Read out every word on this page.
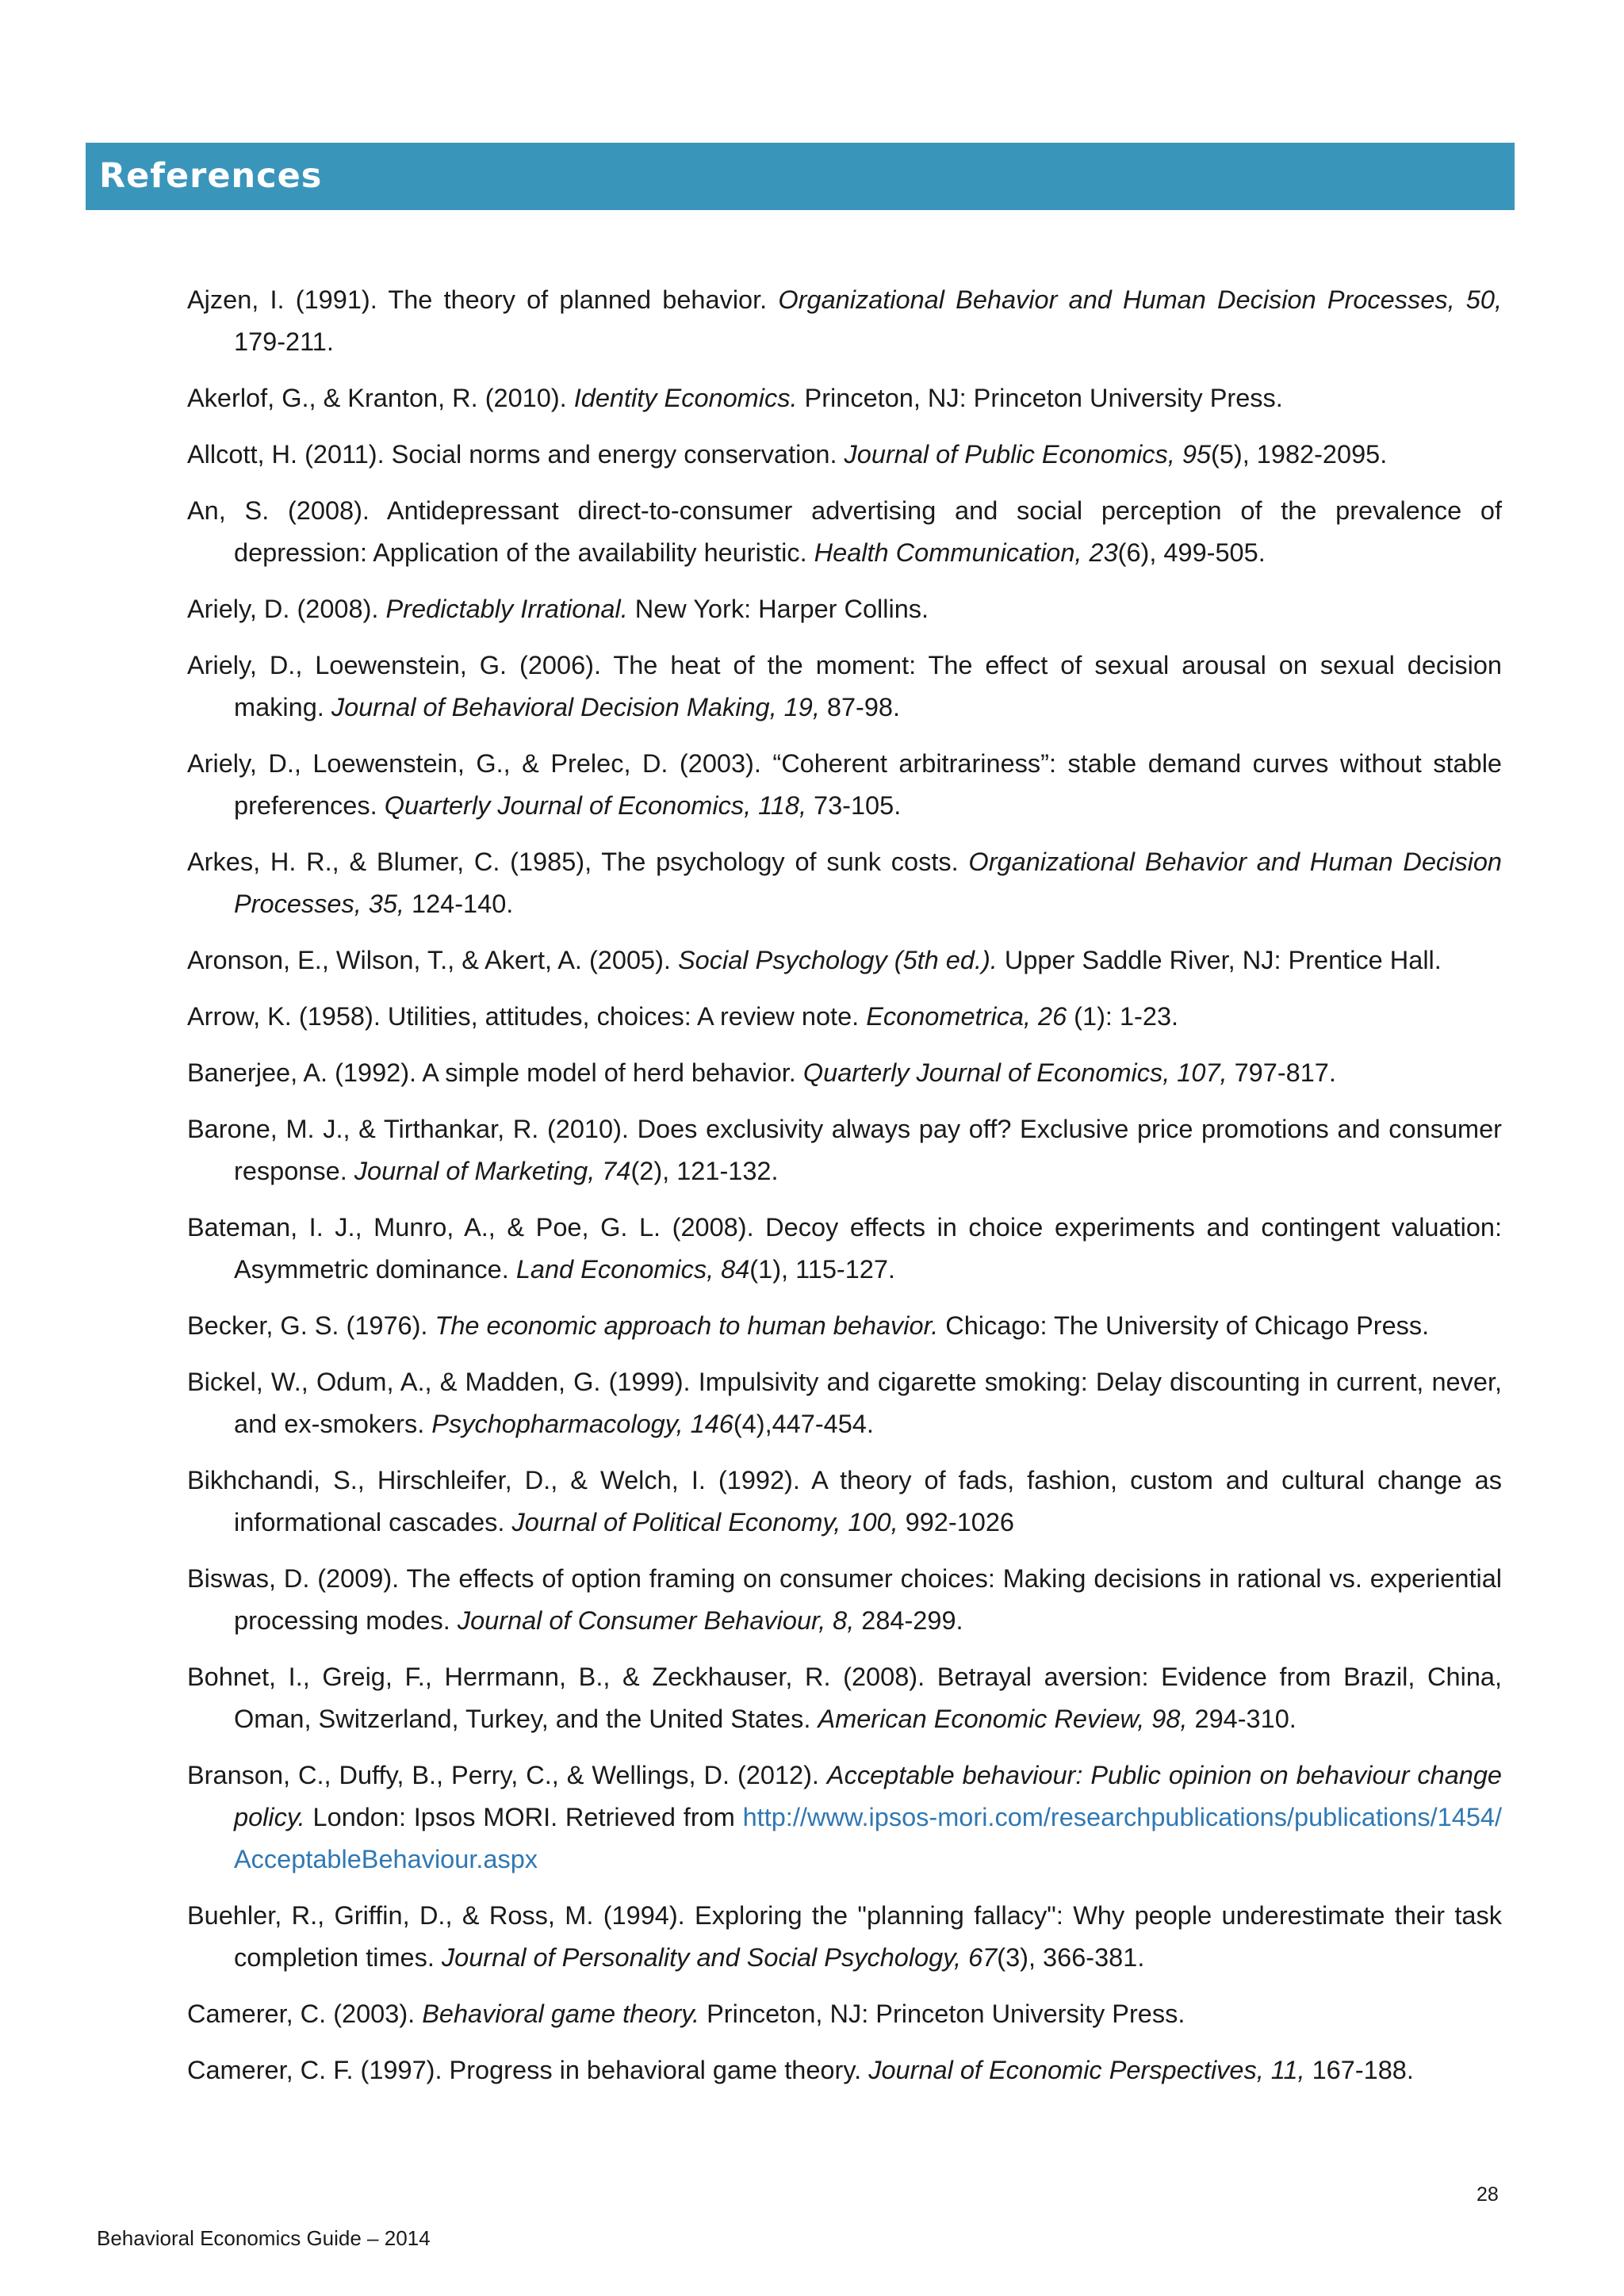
References
Ajzen, I. (1991). The theory of planned behavior. Organizational Behavior and Human Decision Processes, 50, 179-211.
Akerlof, G., & Kranton, R. (2010). Identity Economics. Princeton, NJ: Princeton University Press.
Allcott, H. (2011). Social norms and energy conservation. Journal of Public Economics, 95(5), 1982-2095.
An, S. (2008). Antidepressant direct-to-consumer advertising and social perception of the prevalence of depression: Application of the availability heuristic. Health Communication, 23(6), 499-505.
Ariely, D. (2008). Predictably Irrational. New York: Harper Collins.
Ariely, D., Loewenstein, G. (2006). The heat of the moment: The effect of sexual arousal on sexual decision making. Journal of Behavioral Decision Making, 19, 87-98.
Ariely, D., Loewenstein, G., & Prelec, D. (2003). “Coherent arbitrariness”: stable demand curves without stable preferences. Quarterly Journal of Economics, 118, 73-105.
Arkes, H. R., & Blumer, C. (1985), The psychology of sunk costs. Organizational Behavior and Human Decision Processes, 35, 124-140.
Aronson, E., Wilson, T., & Akert, A. (2005). Social Psychology (5th ed.). Upper Saddle River, NJ: Prentice Hall.
Arrow, K. (1958). Utilities, attitudes, choices: A review note. Econometrica, 26 (1): 1-23.
Banerjee, A. (1992). A simple model of herd behavior. Quarterly Journal of Economics, 107, 797-817.
Barone, M. J., & Tirthankar, R. (2010). Does exclusivity always pay off? Exclusive price promotions and consumer response. Journal of Marketing, 74(2), 121-132.
Bateman, I. J., Munro, A., & Poe, G. L. (2008). Decoy effects in choice experiments and contingent valuation: Asymmetric dominance. Land Economics, 84(1), 115-127.
Becker, G. S. (1976). The economic approach to human behavior. Chicago: The University of Chicago Press.
Bickel, W., Odum, A., & Madden, G. (1999). Impulsivity and cigarette smoking: Delay discounting in current, never, and ex-smokers. Psychopharmacology, 146(4),447-454.
Bikhchandi, S., Hirschleifer, D., & Welch, I. (1992). A theory of fads, fashion, custom and cultural change as informational cascades. Journal of Political Economy, 100, 992-1026
Biswas, D. (2009). The effects of option framing on consumer choices: Making decisions in rational vs. experiential processing modes. Journal of Consumer Behaviour, 8, 284-299.
Bohnet, I., Greig, F., Herrmann, B., & Zeckhauser, R. (2008). Betrayal aversion: Evidence from Brazil, China, Oman, Switzerland, Turkey, and the United States. American Economic Review, 98, 294-310.
Branson, C., Duffy, B., Perry, C., & Wellings, D. (2012). Acceptable behaviour: Public opinion on behaviour change policy. London: Ipsos MORI. Retrieved from http://www.ipsos-mori.com/researchpublications/publications/1454/ AcceptableBehaviour.aspx
Buehler, R., Griffin, D., & Ross, M. (1994). Exploring the "planning fallacy": Why people underestimate their task completion times. Journal of Personality and Social Psychology, 67(3), 366-381.
Camerer, C. (2003). Behavioral game theory. Princeton, NJ: Princeton University Press.
Camerer, C. F. (1997). Progress in behavioral game theory. Journal of Economic Perspectives, 11, 167-188.
28
Behavioral Economics Guide – 2014
